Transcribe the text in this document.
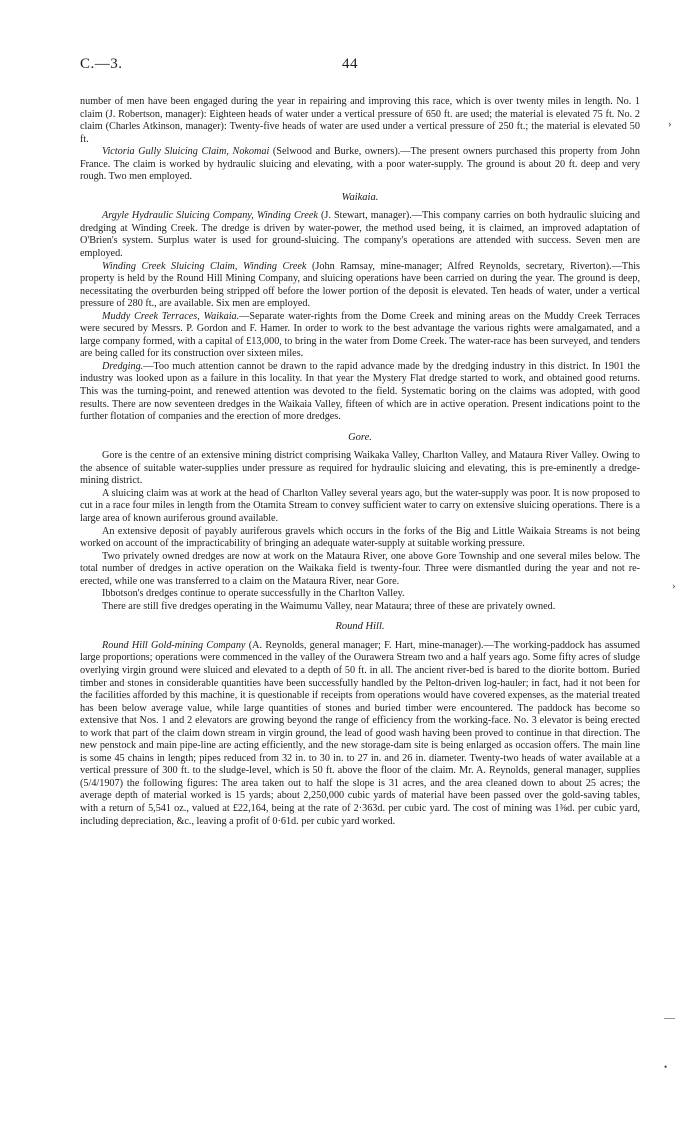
C.—3.	44

number of men have been engaged during the year in repairing and improving this race, which is over twenty miles in length. No. 1 claim (J. Robertson, manager): Eighteen heads of water under a vertical pressure of 650 ft. are used; the material is elevated 75 ft. No. 2 claim (Charles Atkinson, manager): Twenty-five heads of water are used under a vertical pressure of 250 ft.; the material is elevated 50 ft.

Victoria Gully Sluicing Claim, Nokomai (Selwood and Burke, owners).—The present owners purchased this property from John France. The claim is worked by hydraulic sluicing and elevating, with a poor water-supply. The ground is about 20 ft. deep and very rough. Two men employed.

Waikaia.

Argyle Hydraulic Sluicing Company, Winding Creek (J. Stewart, manager).—This company carries on both hydraulic sluicing and dredging at Winding Creek. The dredge is driven by water-power, the method used being, it is claimed, an improved adaptation of O'Brien's system. Surplus water is used for ground-sluicing. The company's operations are attended with success. Seven men are employed.

Winding Creek Sluicing Claim, Winding Creek (John Ramsay, mine-manager; Alfred Reynolds, secretary, Riverton).—This property is held by the Round Hill Mining Company, and sluicing operations have been carried on during the year. The ground is deep, necessitating the overburden being stripped off before the lower portion of the deposit is elevated. Ten heads of water, under a vertical pressure of 280 ft., are available. Six men are employed.

Muddy Creek Terraces, Waikaia.—Separate water-rights from the Dome Creek and mining areas on the Muddy Creek Terraces were secured by Messrs. P. Gordon and F. Hamer. In order to work to the best advantage the various rights were amalgamated, and a large company formed, with a capital of £13,000, to bring in the water from Dome Creek. The water-race has been surveyed, and tenders are being called for its construction over sixteen miles.

Dredging.—Too much attention cannot be drawn to the rapid advance made by the dredging industry in this district. In 1901 the industry was looked upon as a failure in this locality. In that year the Mystery Flat dredge started to work, and obtained good returns. This was the turning-point, and renewed attention was devoted to the field. Systematic boring on the claims was adopted, with good results. There are now seventeen dredges in the Waikaia Valley, fifteen of which are in active operation. Present indications point to the further flotation of companies and the erection of more dredges.

Gore.

Gore is the centre of an extensive mining district comprising Waikaka Valley, Charlton Valley, and Mataura River Valley. Owing to the absence of suitable water-supplies under pressure as required for hydraulic sluicing and elevating, this is pre-eminently a dredge-mining district.

A sluicing claim was at work at the head of Charlton Valley several years ago, but the water-supply was poor. It is now proposed to cut in a race four miles in length from the Otamita Stream to convey sufficient water to carry on extensive sluicing operations. There is a large area of known auriferous ground available.

An extensive deposit of payably auriferous gravels which occurs in the forks of the Big and Little Waikaia Streams is not being worked on account of the impracticability of bringing an adequate water-supply at suitable working pressure.

Two privately owned dredges are now at work on the Mataura River, one above Gore Township and one several miles below. The total number of dredges in active operation on the Waikaka field is twenty-four. Three were dismantled during the year and not re-erected, while one was transferred to a claim on the Mataura River, near Gore.

Ibbotson's dredges continue to operate successfully in the Charlton Valley.

There are still five dredges operating in the Waimumu Valley, near Mataura; three of these are privately owned.

Round Hill.

Round Hill Gold-mining Company (A. Reynolds, general manager; F. Hart, mine-manager).—The working-paddock has assumed large proportions; operations were commenced in the valley of the Ourawera Stream two and a half years ago. Some fifty acres of sludge overlying virgin ground were sluiced and elevated to a depth of 50 ft. in all. The ancient river-bed is bared to the diorite bottom. Buried timber and stones in considerable quantities have been successfully handled by the Pelton-driven log-hauler; in fact, had it not been for the facilities afforded by this machine, it is questionable if receipts from operations would have covered expenses, as the material treated has been below average value, while large quantities of stones and buried timber were encountered. The paddock has become so extensive that Nos. 1 and 2 elevators are growing beyond the range of efficiency from the working-face. No. 3 elevator is being erected to work that part of the claim down stream in virgin ground, the lead of good wash having been proved to continue in that direction. The new penstock and main pipe-line are acting efficiently, and the new storage-dam site is being enlarged as occasion offers. The main line is some 45 chains in length; pipes reduced from 32 in. to 30 in. to 27 in. and 26 in. diameter. Twenty-two heads of water available at a vertical pressure of 300 ft. to the sludge-level, which is 50 ft. above the floor of the claim. Mr. A. Reynolds, general manager, supplies (5/4/1907) the following figures: The area taken out to half the slope is 31 acres, and the area cleaned down to about 25 acres; the average depth of material worked is 15 yards; about 2,250,000 cubic yards of material have been passed over the gold-saving tables, with a return of 5,541 oz., valued at £22,164, being at the rate of 2·363d. per cubic yard. The cost of mining was 1⅜d. per cubic yard, including depreciation, &c., leaving a profit of 0·61d. per cubic yard worked.

›
›
—
•
